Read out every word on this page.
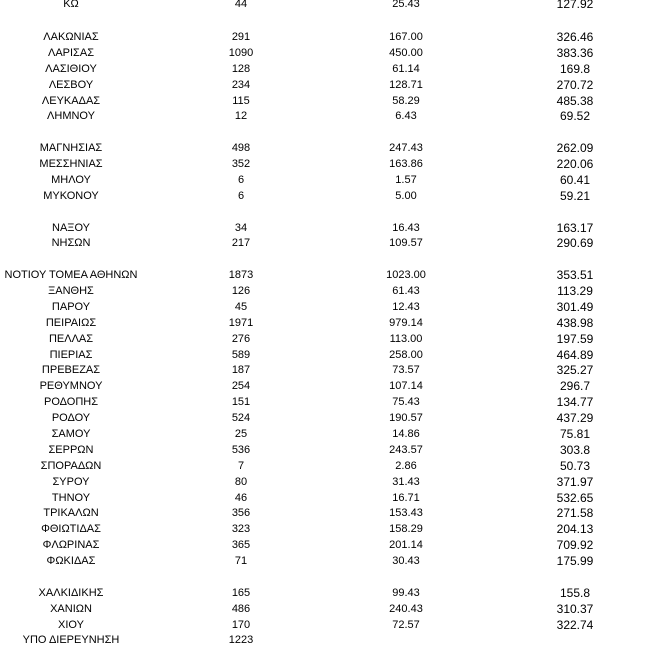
ΚΩ	44	25.43	127.92
ΛΑΚΩΝΙΑΣ	291	167.00	326.46
ΛΑΡΙΣΑΣ	1090	450.00	383.36
ΛΑΣΙΘΙΟΥ	128	61.14	169.8
ΛΕΣΒΟΥ	234	128.71	270.72
ΛΕΥΚΑΔΑΣ	115	58.29	485.38
ΛΗΜΝΟΥ	12	6.43	69.52
ΜΑΓΝΗΣΙΑΣ	498	247.43	262.09
ΜΕΣΣΗΝΙΑΣ	352	163.86	220.06
ΜΗΛΟΥ	6	1.57	60.41
ΜΥΚΟΝΟΥ	6	5.00	59.21
ΝΑΞΟΥ	34	16.43	163.17
ΝΗΣΩΝ	217	109.57	290.69
ΝΟΤΙΟΥ ΤΟΜΕΑ ΑΘΗΝΩΝ	1873	1023.00	353.51
ΞΑΝΘΗΣ	126	61.43	113.29
ΠΑΡΟΥ	45	12.43	301.49
ΠΕΙΡΑΙΩΣ	1971	979.14	438.98
ΠΕΛΛΑΣ	276	113.00	197.59
ΠΙΕΡΙΑΣ	589	258.00	464.89
ΠΡΕΒΕΖΑΣ	187	73.57	325.27
ΡΕΘΥΜΝΟΥ	254	107.14	296.7
ΡΟΔΟΠΗΣ	151	75.43	134.77
ΡΟΔΟΥ	524	190.57	437.29
ΣΑΜΟΥ	25	14.86	75.81
ΣΕΡΡΩΝ	536	243.57	303.8
ΣΠΟΡΑΔΩΝ	7	2.86	50.73
ΣΥΡΟΥ	80	31.43	371.97
ΤΗΝΟΥ	46	16.71	532.65
ΤΡΙΚΑΛΩΝ	356	153.43	271.58
ΦΘΙΩΤΙΔΑΣ	323	158.29	204.13
ΦΛΩΡΙΝΑΣ	365	201.14	709.92
ΦΩΚΙΔΑΣ	71	30.43	175.99
ΧΑΛΚΙΔΙΚΗΣ	165	99.43	155.8
ΧΑΝΙΩΝ	486	240.43	310.37
ΧΙΟΥ	170	72.57	322.74
ΥΠΟ ΔΙΕΡΕΥΝΗΣΗ	1223
